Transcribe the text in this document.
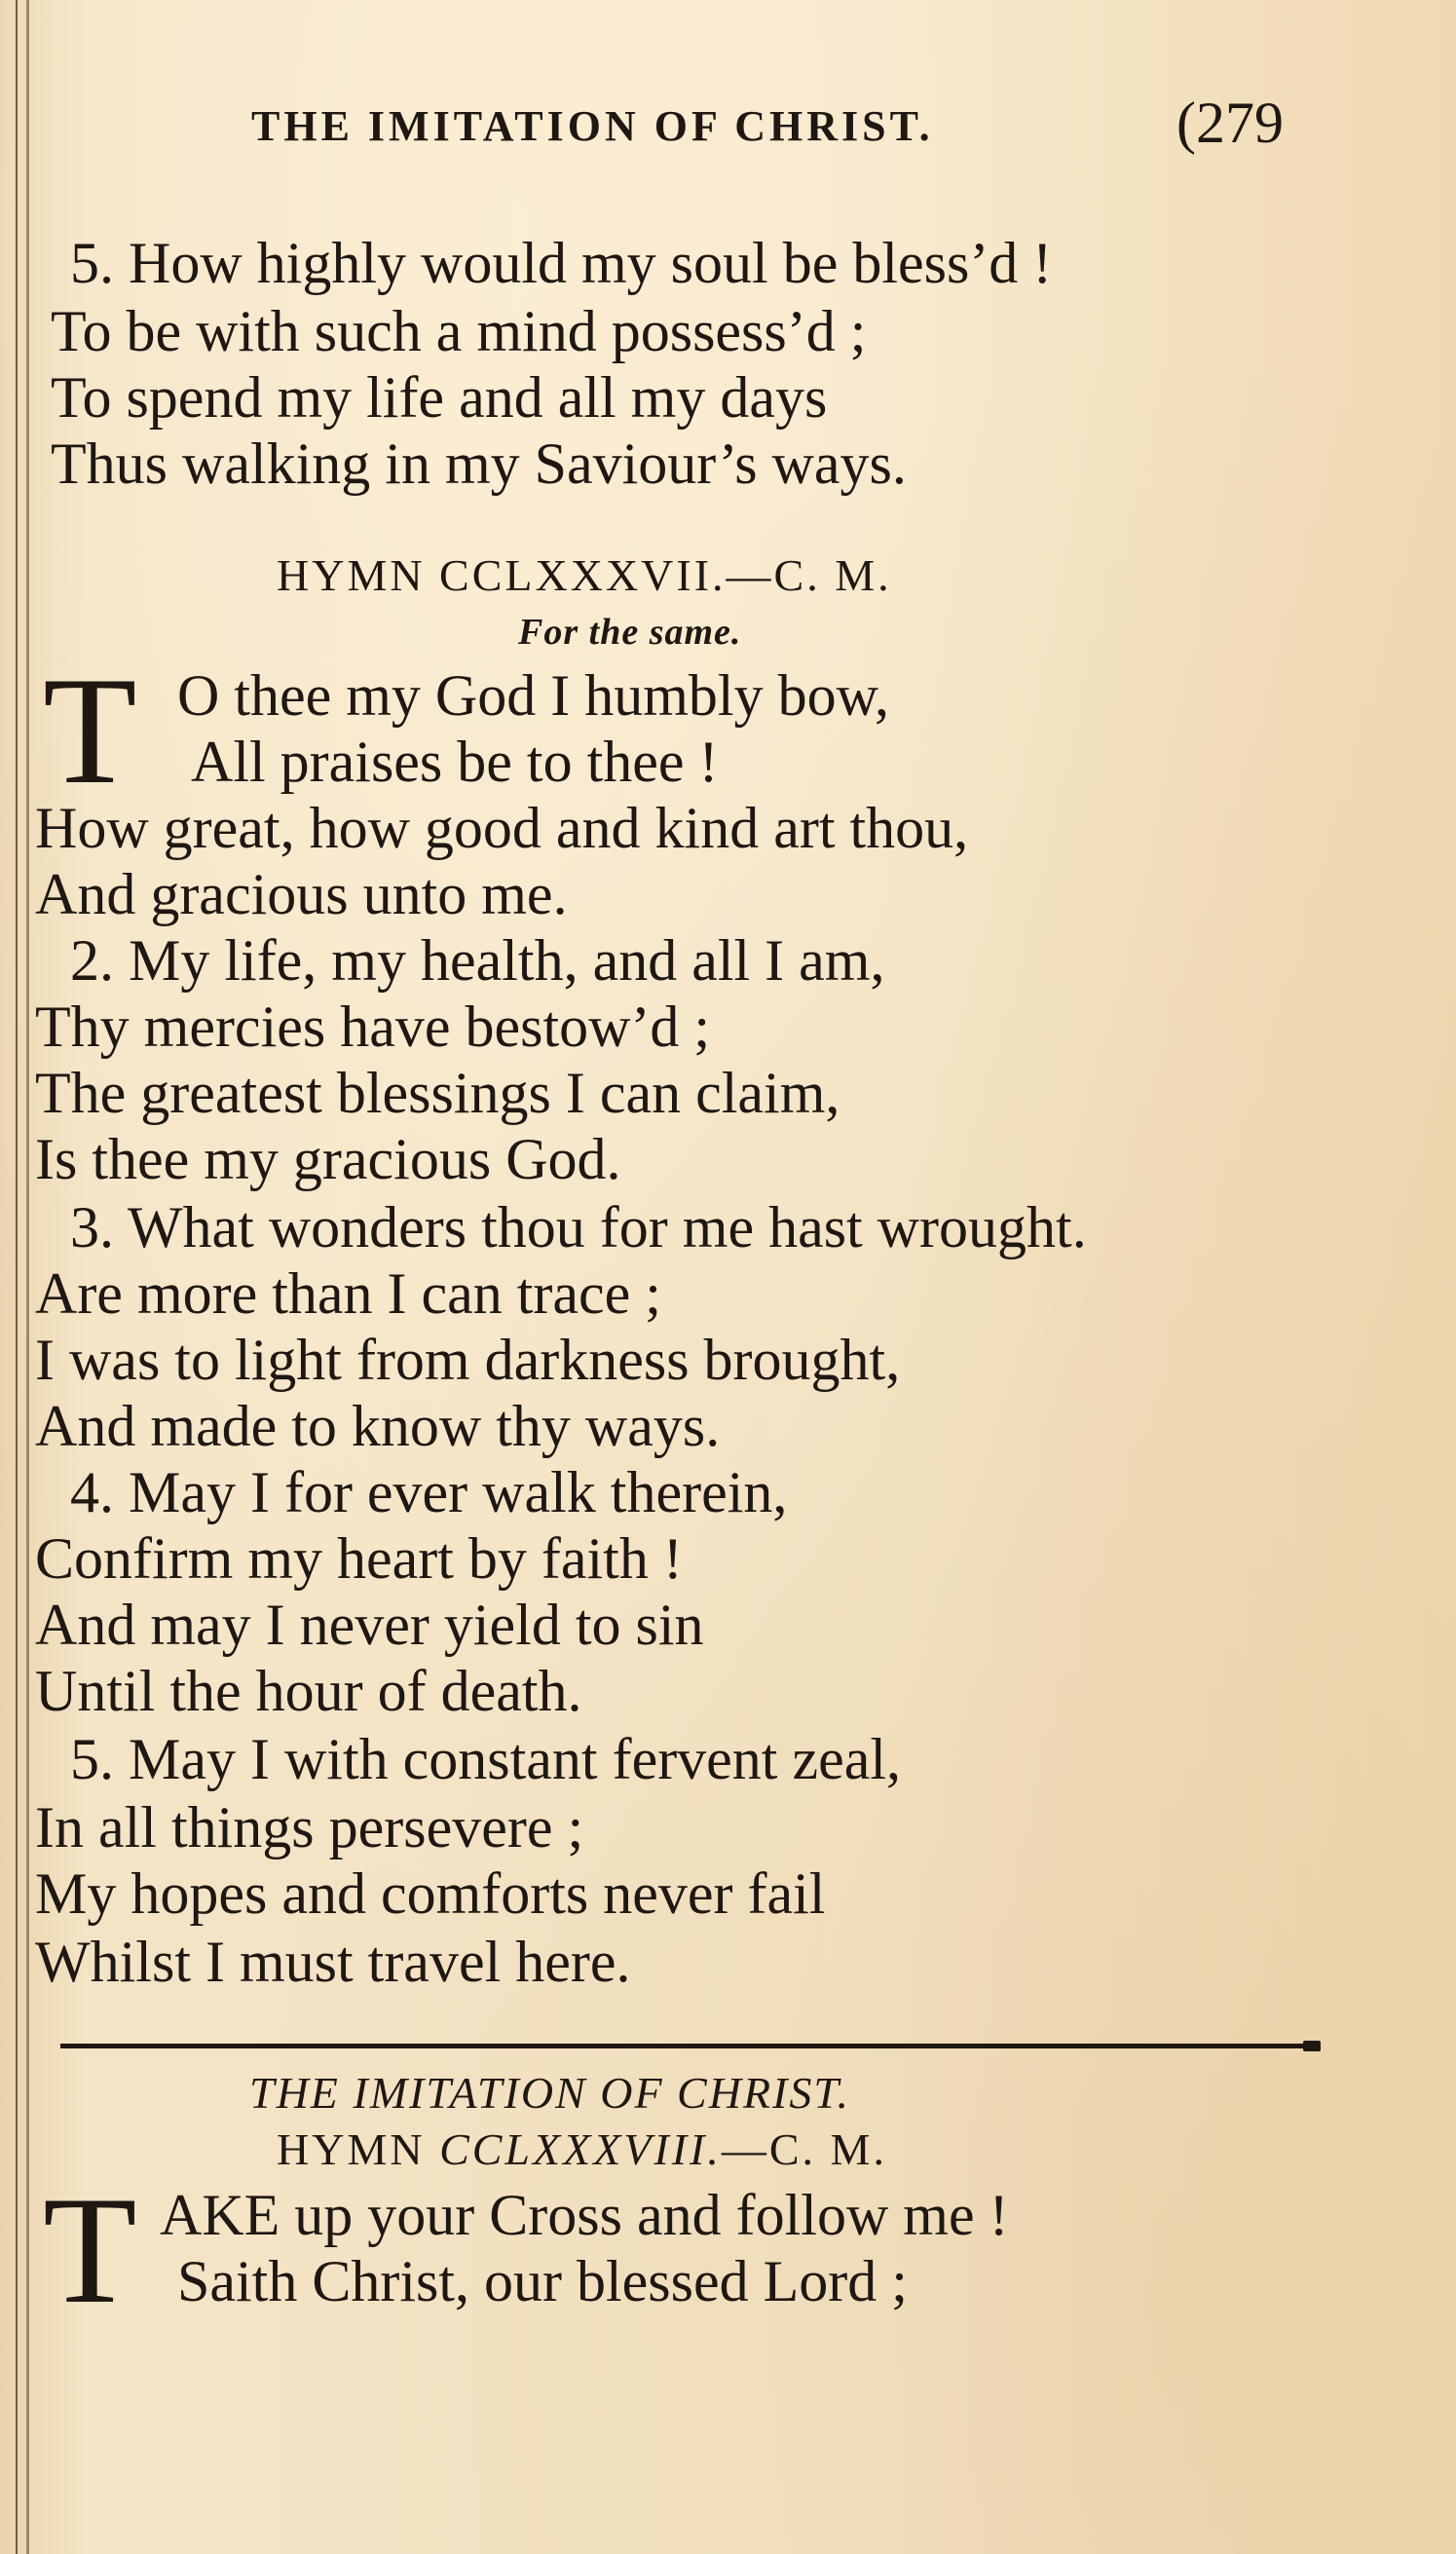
THE IMITATION OF CHRIST.	(279
5. How highly would my soul be bless’d !
To be with such a mind possess’d ;
To spend my life and all my days
Thus walking in my Saviour’s ways.
HYMN CCLXXXVII.—C. M.
For the same.
T O thee my God I humbly bow,
All praises be to thee !
How great, how good and kind art thou,
And gracious unto me.
2. My life, my health, and all I am,
Thy mercies have bestow’d ;
The greatest blessings I can claim,
Is thee my gracious God.
3. What wonders thou for me hast wrought.
Are more than I can trace ;
I was to light from darkness brought,
And made to know thy ways.
4. May I for ever walk therein,
Confirm my heart by faith !
And may I never yield to sin
Until the hour of death.
5. May I with constant fervent zeal,
In all things persevere ;
My hopes and comforts never fail
Whilst I must travel here.
THE IMITATION OF CHRIST.
HYMN CCLXXXVIII.—C. M.
T AKE up your Cross and follow me !
Saith Christ, our blessed Lord ;
